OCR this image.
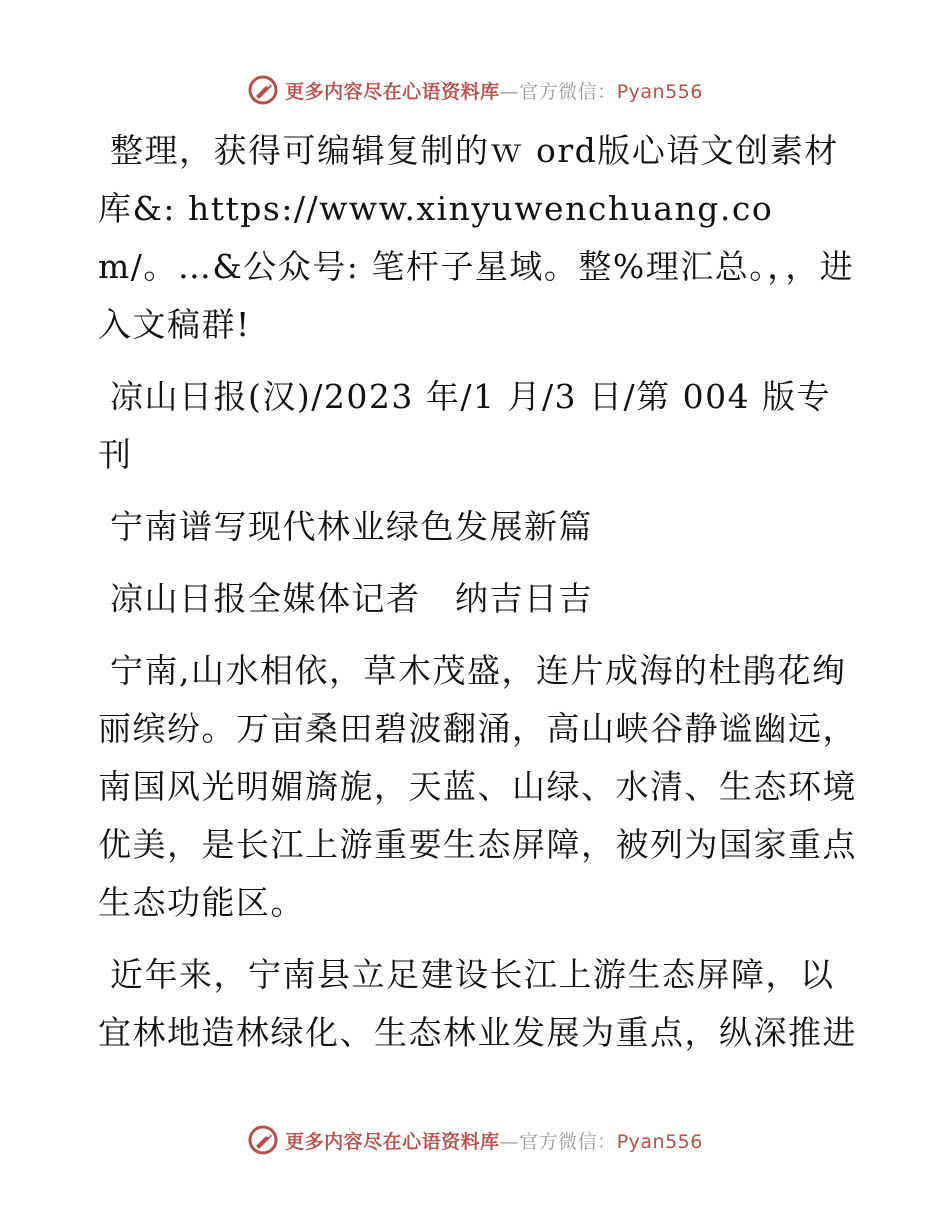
更多内容尽在心语资料库—官方微信：Pyan556

整理，获得可编辑复制的ｗ ord版心语文创素材库&: https://www.xinyuwenchuang.com/。…&公众号: 笔杆子星域。整%理汇总。，，进入文稿群!

凉山日报(汉)/2023 年/1 月/3 日/第 004 版专刊

宁南谱写现代林业绿色发展新篇

凉山日报全媒体记者　纳吉日吉

宁南,山水相依，草木茂盛，连片成海的杜鹃花绚丽缤纷。万亩桑田碧波翻涌，高山峡谷静谧幽远，南国风光明媚旖旎，天蓝、山绿、水清、生态环境优美，是长江上游重要生态屏障，被列为国家重点生态功能区。

近年来，宁南县立足建设长江上游生态屏障，以宜林地造林绿化、生态林业发展为重点，纵深推进

更多内容尽在心语资料库—官方微信：Pyan556
